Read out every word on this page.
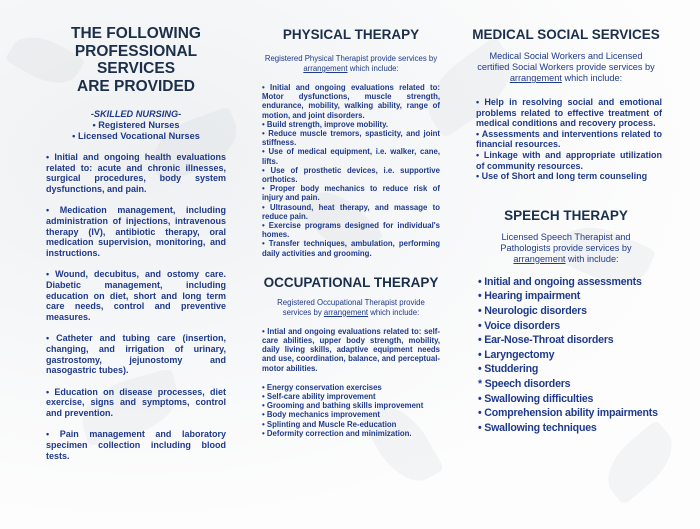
THE FOLLOWING
PROFESSIONAL SERVICES
ARE PROVIDED
-SKILLED NURSING-
• Registered Nurses
• Licensed Vocational Nurses

• Initial and ongoing health evaluations related to: acute and chronic illnesses, surgical procedures, body system dysfunctions, and pain.

• Medication management, including administration of injections, intravenous therapy (IV), antibiotic therapy, oral medication supervision, monitoring, and instructions.

• Wound, decubitus, and ostomy care. Diabetic management, including education on diet, short and long term care needs, control and preventive measures.

• Catheter and tubing care (insertion, changing, and irrigation of urinary, gastrostomy, jejunostomy and nasogastric tubes).

• Education on disease processes, diet exercise, signs and symptoms, control and prevention.

• Pain management and laboratory specimen collection including blood tests.

PHYSICAL THERAPY
Registered Physical Therapist provide services by arrangement which include:

• Initial and ongoing evaluations related to: Motor dysfunctions, muscle strength, endurance, mobility, walking ability, range of motion, and joint disorders.

• Build strength, improve mobility.

• Reduce muscle tremors, spasticity, and joint stiffness.

• Use of medical equipment, i.e. walker, cane, lifts.

• Use of prosthetic devices, i.e. supportive orthotics.

• Proper body mechanics to reduce risk of injury and pain.

• Ultrasound, heat therapy, and massage to reduce pain.

• Exercise programs designed for individual's homes.

• Transfer techniques, ambulation, performing daily activities and grooming.

OCCUPATIONAL THERAPY
Registered Occupational Therapist provide services by arrangement which include:

• Intial and ongoing evaluations related to: self-care abilities, upper body strength, mobility, daily living skills, adaptive equipment needs and use, coordination, balance, and perceptual-motor abilities.

• Energy conservation exercises

• Self-care ability improvement

• Grooming and bathing skills improvement

• Body mechanics improvement

• Splinting and Muscle Re-education

• Deformity correction and minimization.

MEDICAL SOCIAL SERVICES
Medical Social Workers and Licensed certified Social Workers provide services by arrangement which include:

• Help in resolving social and emotional problems related to effective treatment of medical conditions and recovery process.

• Assessments and interventions related to financial resources.

• Linkage with and appropriate utilization of community resources.

• Use of Short and long term counseling

SPEECH THERAPY
Licensed Speech Therapist and Pathologists provide services by arrangement with include:
• Initial and ongoing assessments
• Hearing impairment
• Neurologic disorders
• Voice disorders
• Ear-Nose-Throat disorders
• Laryngectomy
• Studdering
* Speech disorders
• Swallowing difficulties
• Comprehension ability impairments
• Swallowing techniques
